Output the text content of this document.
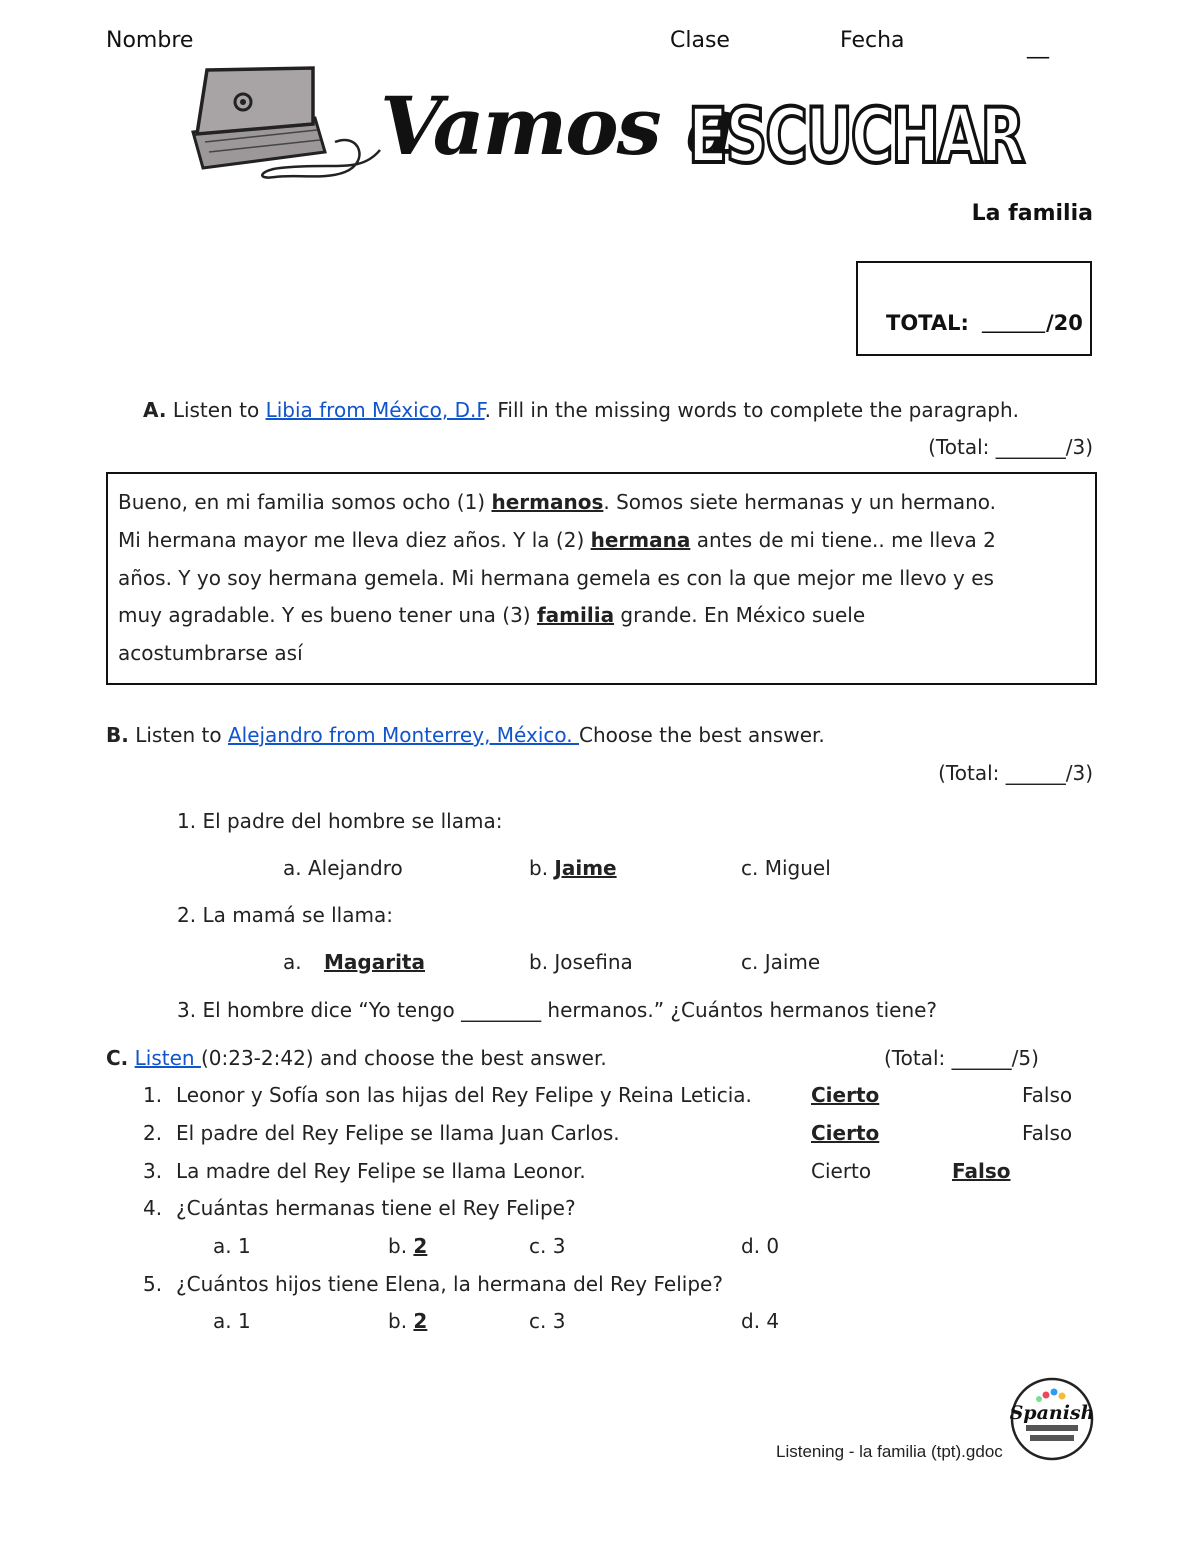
Nombre	Clase	Fecha	__
Vamos a
ESCUCHAR
La familia
TOTAL: ______ /20
A. Listen to Libia from México, D.F. Fill in the missing words to complete the paragraph.
(Total: _______/3)
Bueno, en mi familia somos ocho (1) hermanos. Somos siete hermanas y un hermano.
Mi hermana mayor me lleva diez años. Y la (2) hermana antes de mi tiene.. me lleva 2
años. Y yo soy hermana gemela. Mi hermana gemela es con la que mejor me llevo y es
muy agradable. Y es bueno tener una (3) familia grande. En México suele
acostumbrarse así
B. Listen to Alejandro from Monterrey, México. Choose the best answer.
(Total: ______/3)
1. El padre del hombre se llama:
a. Alejandro	b. Jaime	c. Miguel
2. La mamá se llama:
a. Magarita	b. Josefina	c. Jaime
3. El hombre dice “Yo tengo ________ hermanos.” ¿Cuántos hermanos tiene?
C. Listen (0:23-2:42) and choose the best answer.	(Total: ______/5)
1. Leonor y Sofía son las hijas del Rey Felipe y Reina Leticia.	Cierto	Falso
2. El padre del Rey Felipe se llama Juan Carlos.	Cierto	Falso
3. La madre del Rey Felipe se llama Leonor.	Cierto	Falso
4. ¿Cuántas hermanas tiene el Rey Felipe?
a. 1	b. 2	c. 3	d. 0
5. ¿Cuántos hijos tiene Elena, la hermana del Rey Felipe?
a. 1	b. 2	c. 3	d. 4
Spanish
Listening - la familia (tpt).gdoc
